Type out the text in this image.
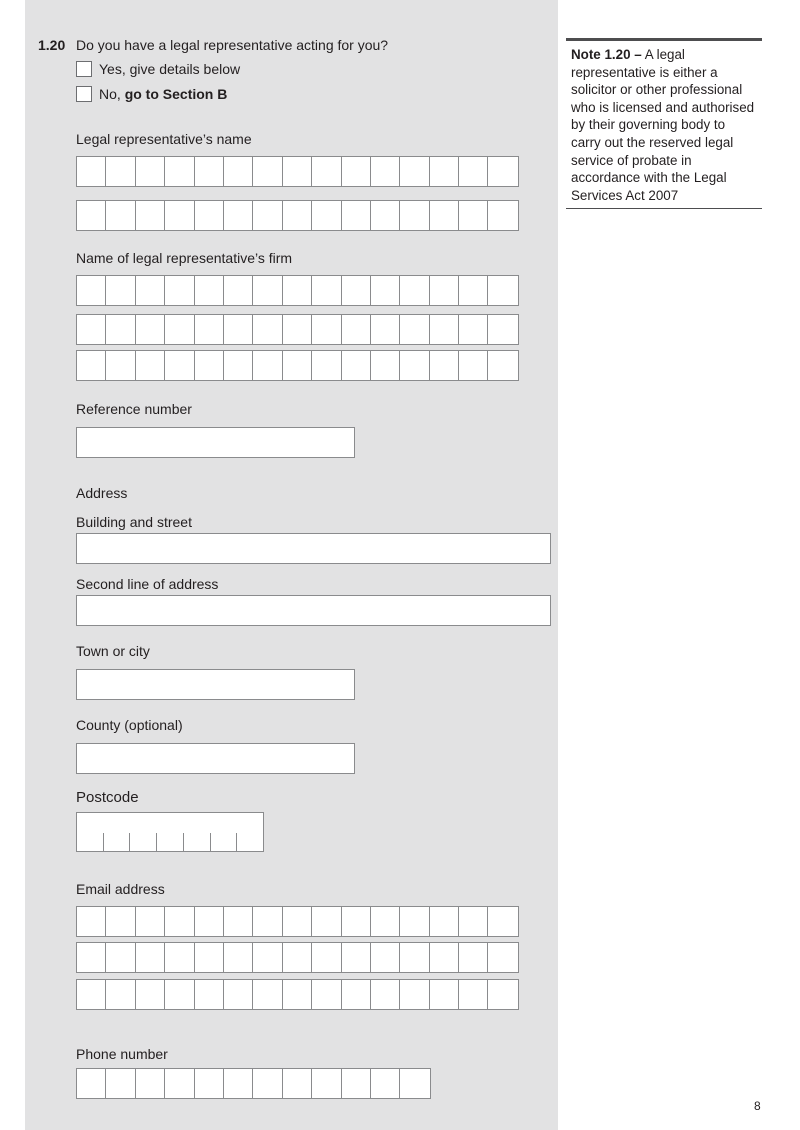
1.20 Do you have a legal representative acting for you?
Yes, give details below
No, go to Section B
Legal representative’s name
Name of legal representative’s firm
Reference number
Address
Building and street
Second line of address
Town or city
County (optional)
Postcode
Email address
Phone number
Note 1.20 – A legal representative is either a solicitor or other professional who is licensed and authorised by their governing body to carry out the reserved legal service of probate in accordance with the Legal Services Act 2007
8
